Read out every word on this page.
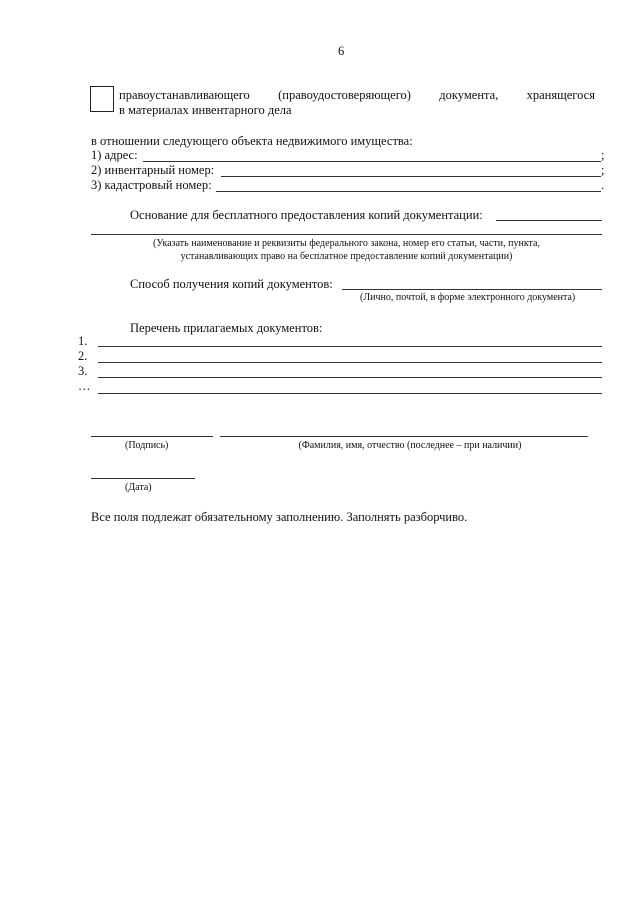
6
правоустанавливающего (правоудостоверяющего) документа, хранящегося
в материалах инвентарного дела
в отношении следующего объекта недвижимого имущества:
1) адрес:	;
2) инвентарный номер:	;
3) кадастровый номер:	.
Основание для бесплатного предоставления копий документации:
(Указать наименование и реквизиты федерального закона, номер его статьи, части, пункта,
устанавливающих право на бесплатное предоставление копий документации)
Способ получения копий документов:
(Лично, почтой, в форме электронного документа)
Перечень прилагаемых документов:
1.
2.
3.
…
(Подпись)	(Фамилия, имя, отчество (последнее – при наличии)
(Дата)
Все поля подлежат обязательному заполнению. Заполнять разборчиво.
